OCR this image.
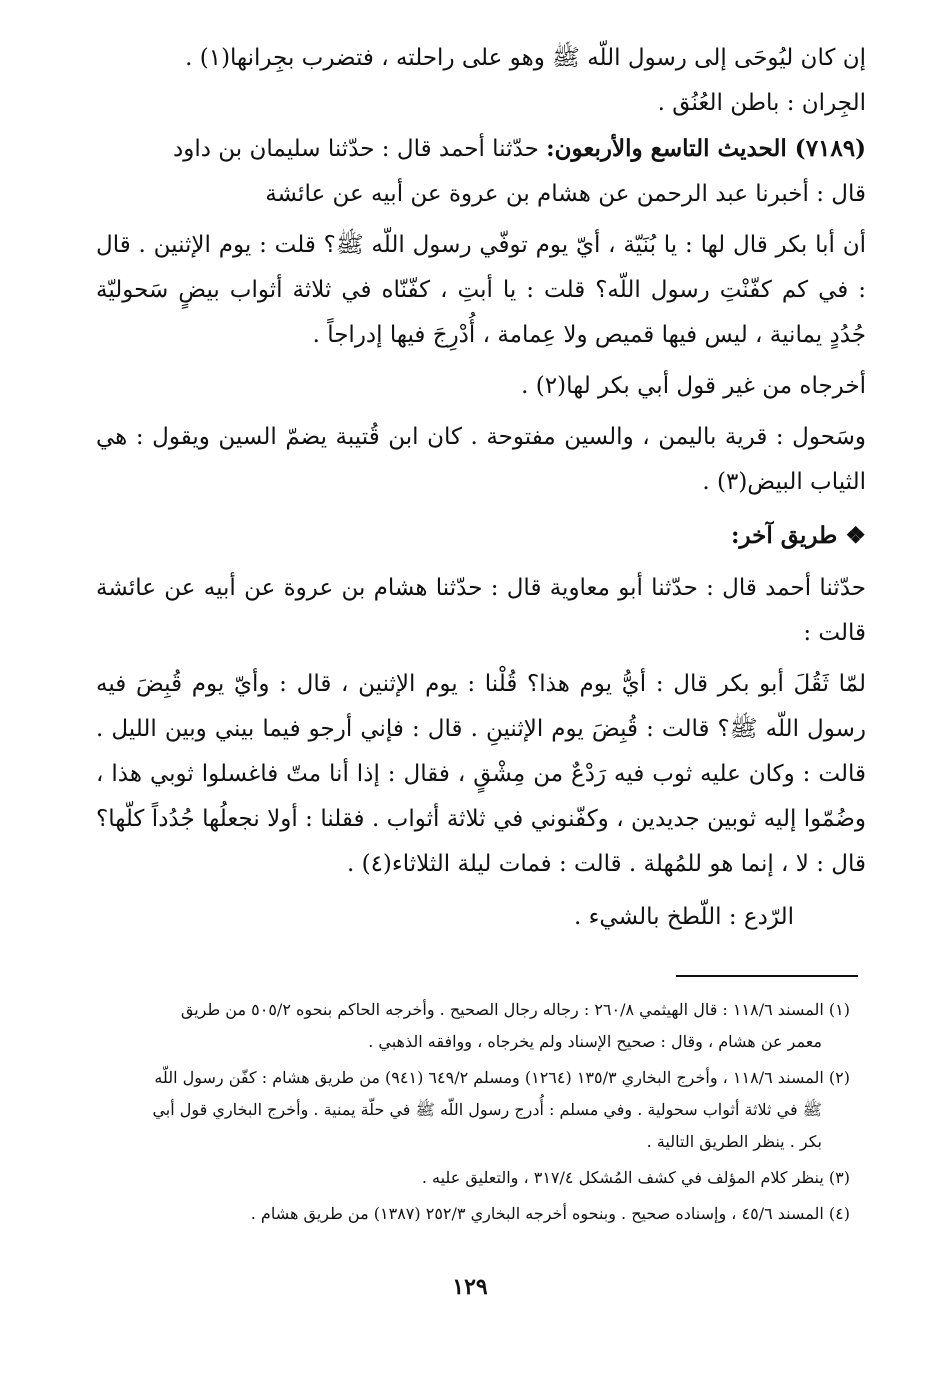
إن كان ليُوحَى إلى رسول اللّه ﷺ وهو على راحلته ، فتضرب بجِرانها(١) .

الجِران : باطن العُنُق .

(٧١٨٩) الحديث التاسع والأربعون: حدّثنا أحمد قال : حدّثنا سليمان بن داود

قال : أخبرنا عبد الرحمن عن هشام بن عروة عن أبيه عن عائشة

أن أبا بكر قال لها : يا بُنَيّة ، أيّ يوم توفّي رسول اللّه ﷺ؟ قلت : يوم الإثنين . قال : في كم كفّنْتِ رسول اللّه؟ قلت : يا أبتِ ، كفّنّاه في ثلاثة أثواب بيضٍ سَحوليّة جُدُدٍ يمانية ، ليس فيها قميص ولا عِمامة ، أُدْرِجَ فيها إدراجاً .

أخرجاه من غير قول أبي بكر لها(٢) .

وسَحول : قرية باليمن ، والسين مفتوحة . كان ابن قُتيبة يضمّ السين ويقول : هي الثياب البيض(٣) .

❖ طريق آخر:

حدّثنا أحمد قال : حدّثنا أبو معاوية قال : حدّثنا هشام بن عروة عن أبيه عن عائشة قالت :

لمّا ثَقُلَ أبو بكر قال : أيُّ يوم هذا؟ قُلْنا : يوم الإثنين ، قال : وأيّ يوم قُبِضَ فيه رسول اللّه ﷺ؟ قالت : قُبِضَ يوم الإثنينِ . قال : فإني أرجو فيما بيني وبين الليل . قالت : وكان عليه ثوب فيه رَدْعٌ من مِشْقٍ ، فقال : إذا أنا متّ فاغسلوا ثوبي هذا ، وضُمّوا إليه ثوبين جديدين ، وكفّنوني في ثلاثة أثواب . فقلنا : أولا نجعلُها جُدُداً كلّها؟ قال : لا ، إنما هو للمُهلة . قالت : فمات ليلة الثلاثاء(٤) .

الرّدع : اللّطخ بالشيء .

(١) المسند ١١٨/٦ : قال الهيثمي ٢٦٠/٨ : رجاله رجال الصحيح . وأخرجه الحاكم بنحوه ٥٠٥/٢ من طريق

معمر عن هشام ، وقال : صحيح الإسناد ولم يخرجاه ، ووافقه الذهبي .

(٢) المسند ١١٨/٦ ، وأخرج البخاري ١٣٥/٣ (١٢٦٤) ومسلم ٦٤٩/٢ (٩٤١) من طريق هشام : كفّن رسول اللّه

ﷺ في ثلاثة أثواب سحولية . وفي مسلم : أُدرج رسول اللّه ﷺ في حلّة يمنية . وأخرج البخاري قول أبي

بكر . ينظر الطريق التالية .

(٣) ينظر كلام المؤلف في كشف المُشكل ٣١٧/٤ ، والتعليق عليه .

(٤) المسند ٤٥/٦ ، وإسناده صحيح . وبنحوه أخرجه البخاري ٢٥٢/٣ (١٣٨٧) من طريق هشام .

١٢٩
